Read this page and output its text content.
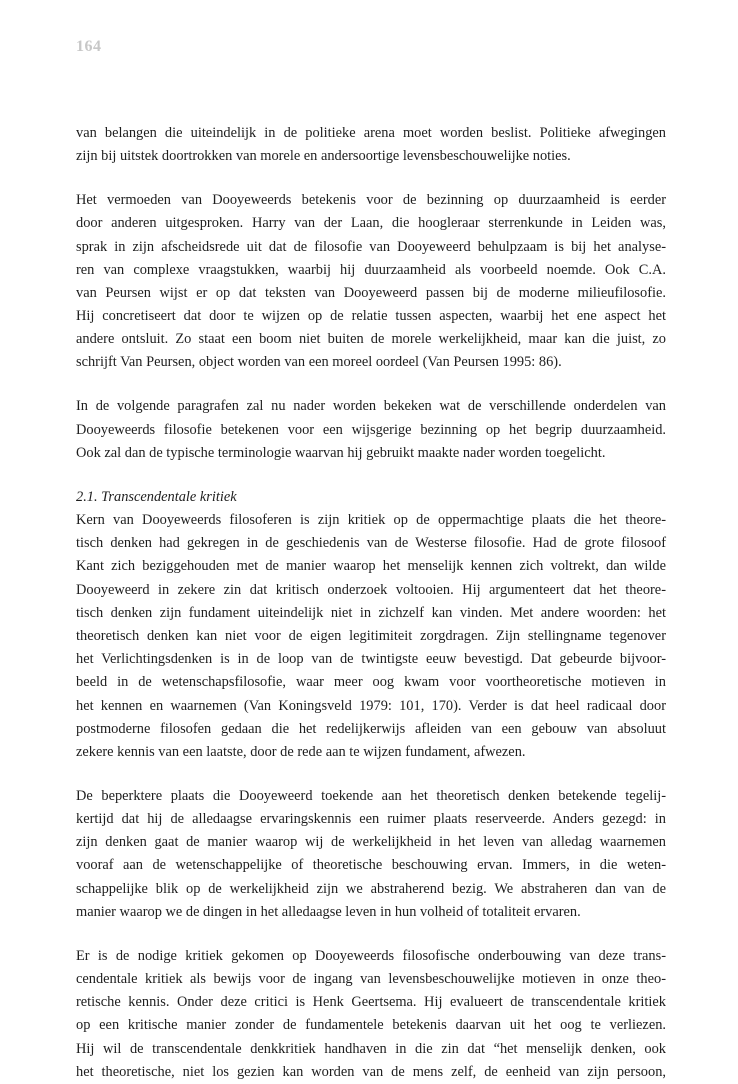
164
van belangen die uiteindelijk in de politieke arena moet worden beslist. Politieke afwegingen
zijn bij uitstek doortrokken van morele en andersoortige levensbeschouwelijke noties.
Het vermoeden van Dooyeweerds betekenis voor de bezinning op duurzaamheid is eerder
door anderen uitgesproken. Harry van der Laan, die hoogleraar sterrenkunde in Leiden was,
sprak in zijn afscheidsrede uit dat de filosofie van Dooyeweerd behulpzaam is bij het analyse-
ren van complexe vraagstukken, waarbij hij duurzaamheid als voorbeeld noemde. Ook C.A.
van Peursen wijst er op dat teksten van Dooyeweerd passen bij de moderne milieufilosofie.
Hij concretiseert dat door te wijzen op de relatie tussen aspecten, waarbij het ene aspect het
andere ontsluit. Zo staat een boom niet buiten de morele werkelijkheid, maar kan die juist, zo
schrijft Van Peursen, object worden van een moreel oordeel (Van Peursen 1995: 86).
In de volgende paragrafen zal nu nader worden bekeken wat de verschillende onderdelen van
Dooyeweerds filosofie betekenen voor een wijsgerige bezinning op het begrip duurzaamheid.
Ook zal dan de typische terminologie waarvan hij gebruikt maakte nader worden toegelicht.
2.1. Transcendentale kritiek
Kern van Dooyeweerds filosoferen is zijn kritiek op de oppermachtige plaats die het theore-
tisch denken had gekregen in de geschiedenis van de Westerse filosofie. Had de grote filosoof
Kant zich beziggehouden met de manier waarop het menselijk kennen zich voltrekt, dan wilde
Dooyeweerd in zekere zin dat kritisch onderzoek voltooien. Hij argumenteert dat het theore-
tisch denken zijn fundament uiteindelijk niet in zichzelf kan vinden. Met andere woorden: het
theoretisch denken kan niet voor de eigen legitimiteit zorgdragen. Zijn stellingname tegenover
het Verlichtingsdenken is in de loop van de twintigste eeuw bevestigd. Dat gebeurde bijvoor-
beeld in de wetenschapsfilosofie, waar meer oog kwam voor voortheoretische motieven in
het kennen en waarnemen (Van Koningsveld 1979: 101, 170). Verder is dat heel radicaal door
postmoderne filosofen gedaan die het redelijkerwijs afleiden van een gebouw van absoluut
zekere kennis van een laatste, door de rede aan te wijzen fundament, afwezen.
De beperktere plaats die Dooyeweerd toekende aan het theoretisch denken betekende tegelij-
kertijd dat hij de alledaagse ervaringskennis een ruimer plaats reserveerde. Anders gezegd: in
zijn denken gaat de manier waarop wij de werkelijkheid in het leven van alledag waarnemen
vooraf aan de wetenschappelijke of theoretische beschouwing ervan. Immers, in die weten-
schappelijke blik op de werkelijkheid zijn we abstraherend bezig. We abstraheren dan van de
manier waarop we de dingen in het alledaagse leven in hun volheid of totaliteit ervaren.
Er is de nodige kritiek gekomen op Dooyeweerds filosofische onderbouwing van deze trans-
cendentale kritiek als bewijs voor de ingang van levensbeschouwelijke motieven in onze theo-
retische kennis. Onder deze critici is Henk Geertsema. Hij evalueert de transcendentale kritiek
op een kritische manier zonder de fundamentele betekenis daarvan uit het oog te verliezen.
Hij wil de transcendentale denkkritiek handhaven in die zin dat “het menselijk denken, ook
het theoretische, niet los gezien kan worden van de mens zelf, de eenheid van zijn persoon,
